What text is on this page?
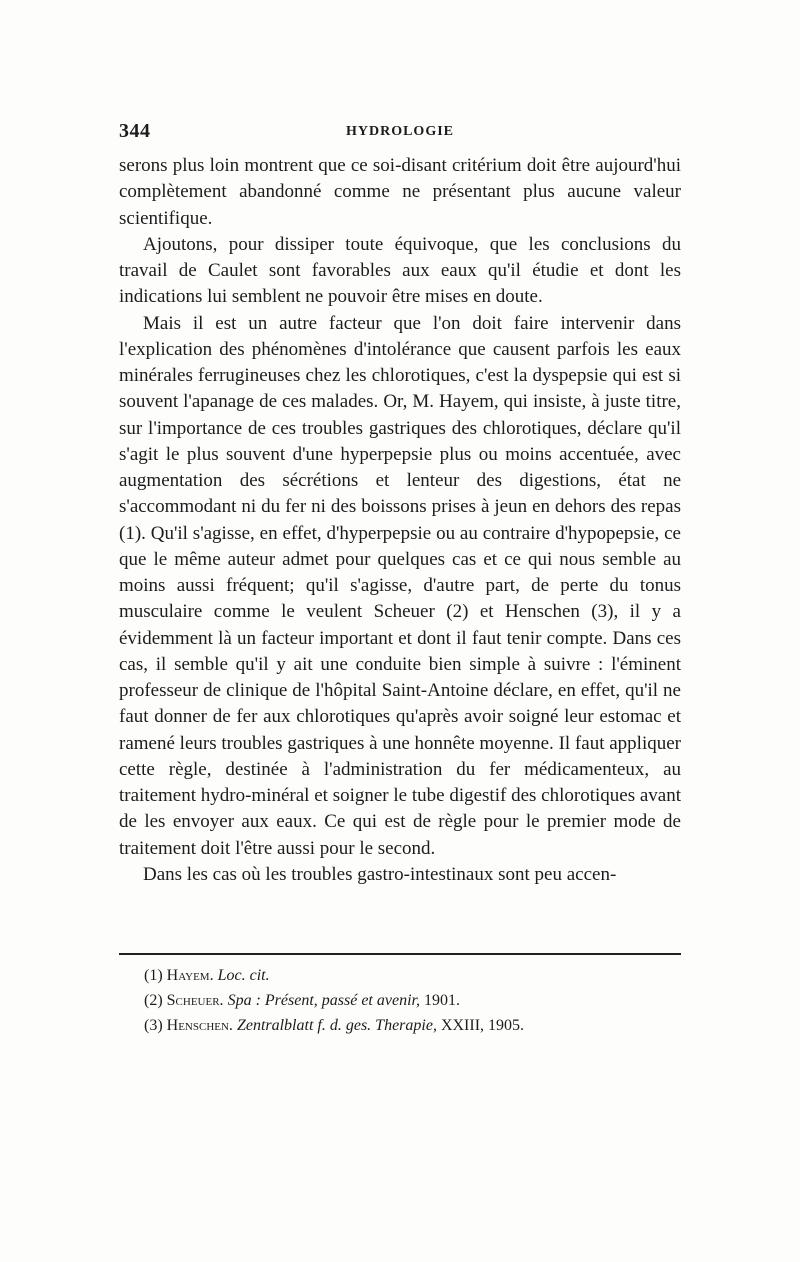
344	HYDROLOGIE

serons plus loin montrent que ce soi-disant critérium doit être aujourd'hui complètement abandonné comme ne présentant plus aucune valeur scientifique.

Ajoutons, pour dissiper toute équivoque, que les conclusions du travail de Caulet sont favorables aux eaux qu'il étudie et dont les indications lui semblent ne pouvoir être mises en doute.

Mais il est un autre facteur que l'on doit faire intervenir dans l'explication des phénomènes d'intolérance que causent parfois les eaux minérales ferrugineuses chez les chlorotiques, c'est la dyspepsie qui est si souvent l'apanage de ces malades. Or, M. Hayem, qui insiste, à juste titre, sur l'importance de ces troubles gastriques des chlorotiques, déclare qu'il s'agit le plus souvent d'une hyperpepsie plus ou moins accentuée, avec augmentation des sécrétions et lenteur des digestions, état ne s'accommodant ni du fer ni des boissons prises à jeun en dehors des repas (1). Qu'il s'agisse, en effet, d'hyperpepsie ou au contraire d'hypopepsie, ce que le même auteur admet pour quelques cas et ce qui nous semble au moins aussi fréquent; qu'il s'agisse, d'autre part, de perte du tonus musculaire comme le veulent Scheuer (2) et Henschen (3), il y a évidemment là un facteur important et dont il faut tenir compte. Dans ces cas, il semble qu'il y ait une conduite bien simple à suivre : l'éminent professeur de clinique de l'hôpital Saint-Antoine déclare, en effet, qu'il ne faut donner de fer aux chlorotiques qu'après avoir soigné leur estomac et ramené leurs troubles gastriques à une honnête moyenne. Il faut appliquer cette règle, destinée à l'administration du fer médicamenteux, au traitement hydro-minéral et soigner le tube digestif des chlorotiques avant de les envoyer aux eaux. Ce qui est de règle pour le premier mode de traitement doit l'être aussi pour le second.

Dans les cas où les troubles gastro-intestinaux sont peu accen-

(1) Hayem. Loc. cit.

(2) Scheuer. Spa : Présent, passé et avenir, 1901.

(3) Henschen. Zentralblatt f. d. ges. Therapie, XXIII, 1905.
